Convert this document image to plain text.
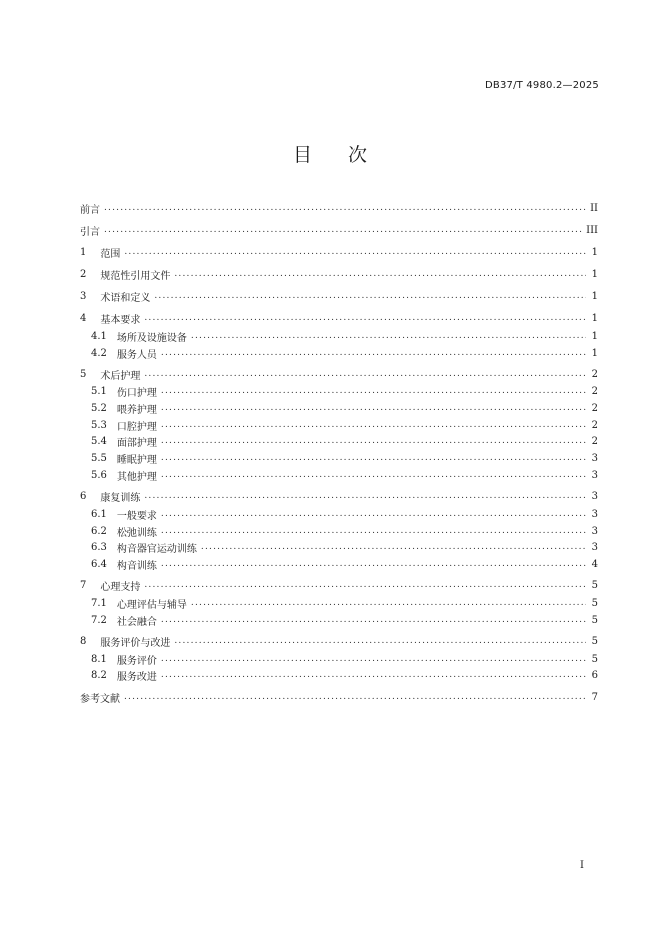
DB37/T 4980.2—2025
目 次
前言 .....	II
引言 .....	III
1 范围 .....	1
2 规范性引用文件 .....	1
3 术语和定义 .....	1
4 基本要求 .....	1
4.1 场所及设施设备 .....	1
4.2 服务人员 .....	1
5 术后护理 .....	2
5.1 伤口护理 .....	2
5.2 喂养护理 .....	2
5.3 口腔护理 .....	2
5.4 面部护理 .....	2
5.5 睡眠护理 .....	3
5.6 其他护理 .....	3
6 康复训练 .....	3
6.1 一般要求 .....	3
6.2 松弛训练 .....	3
6.3 构音器官运动训练 .....	3
6.4 构音训练 .....	4
7 心理支持 .....	5
7.1 心理评估与辅导 .....	5
7.2 社会融合 .....	5
8 服务评价与改进 .....	5
8.1 服务评价 .....	5
8.2 服务改进 .....	6
参考文献 .....	7
I
